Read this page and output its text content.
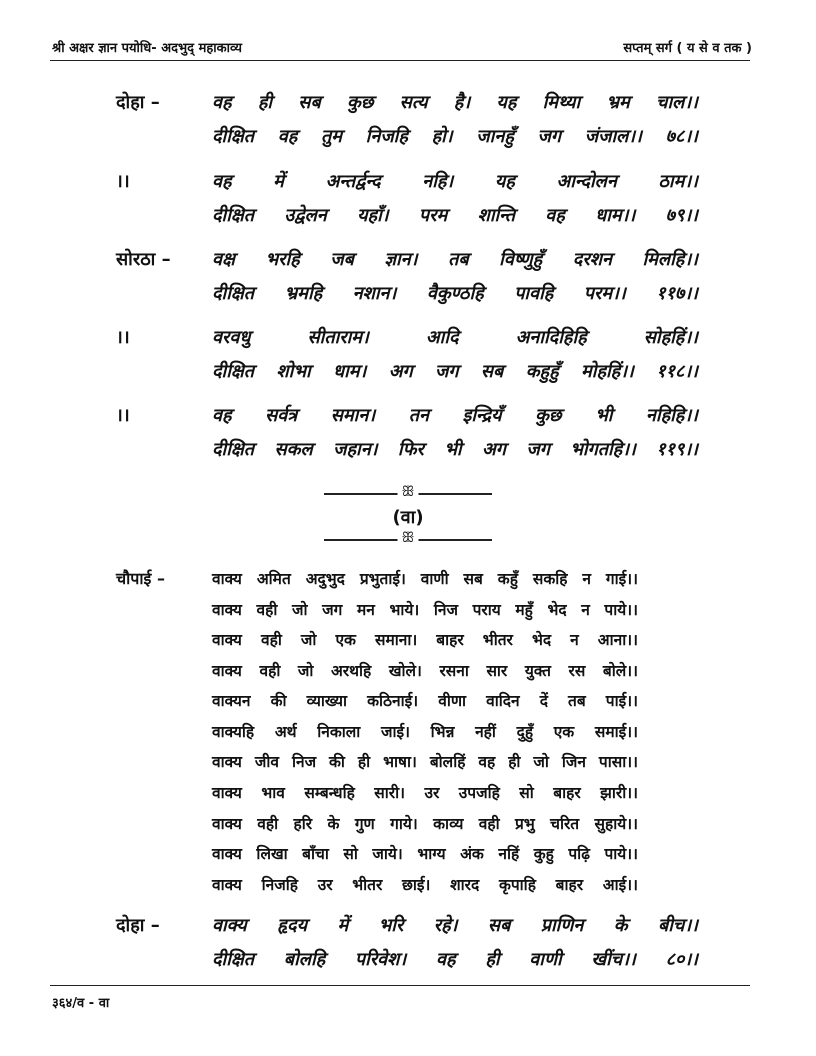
श्री अक्षर ज्ञान पयोधि- अदभुद् महाकाव्य	सप्तम् सर्ग ( य से व तक )
दोहा –	वह ही सब कुछ सत्य है। यह मिथ्या भ्रम चाल।।
दीक्षित वह तुम निजहि हो। जानहुँ जग जंजाल।। ७८।।
।।	वह में अन्तर्द्वन्द नहि। यह आन्दोलन ठाम।।
दीक्षित उद्वेलन यहाँ। परम शान्ति वह धाम।। ७९।।
सोरठा – वक्ष भरहि जब ज्ञान। तब विष्णुहुँ दरशन मिलहि।।
दीक्षित भ्रमहि नशान। वैकुण्ठहि पावहि परम।। ११७।।
।।	वरवधु सीताराम। आदि अनादिहिहि सोहहिं।।
दीक्षित शोभा धाम। अग जग सब कहुहुँ मोहहिं।। ११८।।
।।	वह सर्वत्र समान। तन इन्द्रियँ कुछ भी नहिहि।।
दीक्षित सकल जहान। फिर भी अग जग भोगतहि।। ११९।।
ꕥ
(वा)
ꕥ
चौपाई –	वाक्य अमित अदुभुद प्रभुताई। वाणी सब कहुँ सकहि न गाई।।
वाक्य वही जो जग मन भाये। निज पराय महुँ भेद न पाये।।
वाक्य वही जो एक समाना। बाहर भीतर भेद न आना।।
वाक्य वही जो अरथहि खोले। रसना सार युक्त रस बोले।।
वाक्यन की व्याख्या कठिनाई। वीणा वादिन दें तब पाई।।
वाक्यहि अर्थ निकाला जाई। भिन्न नहीं दुहुँ एक समाई।।
वाक्य जीव निज की ही भाषा। बोलहिं वह ही जो जिन पासा।।
वाक्य भाव सम्बन्धहि सारी। उर उपजहि सो बाहर झारी।।
वाक्य वही हरि के गुण गाये। काव्य वही प्रभु चरित सुहाये।।
वाक्य लिखा बाँचा सो जाये। भाग्य अंक नहिं कुहु पढ़ि पाये।।
वाक्य निजहि उर भीतर छाई। शारद कृपाहि बाहर आई।।
दोहा –	वाक्य हृदय में भरि रहे। सब प्राणिन के बीच।।
दीक्षित बोलहि परिवेश। वह ही वाणी खींच।। ८०।।
३६४/व - वा
